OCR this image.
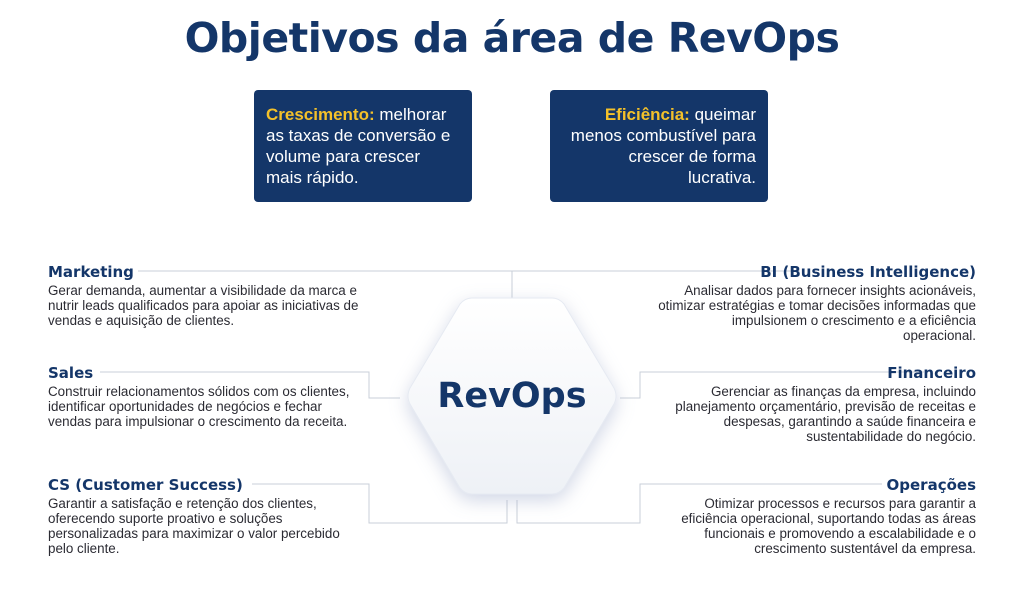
Objetivos da área de RevOps
Crescimento: melhorar as taxas de conversão e volume para crescer mais rápido.
Eficiência: queimar menos combustível para crescer de forma lucrativa.
RevOps
Marketing

Gerar demanda, aumentar a visibilidade da marca e nutrir leads qualificados para apoiar as iniciativas de vendas e aquisição de clientes.

Sales

Construir relacionamentos sólidos com os clientes, identificar oportunidades de negócios e fechar vendas para impulsionar o crescimento da receita.

CS (Customer Success)

Garantir a satisfação e retenção dos clientes, oferecendo suporte proativo e soluções personalizadas para maximizar o valor percebido pelo cliente.

BI (Business Intelligence)

Analisar dados para fornecer insights acionáveis, otimizar estratégias e tomar decisões informadas que impulsionem o crescimento e a eficiência operacional.

Financeiro

Gerenciar as finanças da empresa, incluindo planejamento orçamentário, previsão de receitas e despesas, garantindo a saúde financeira e sustentabilidade do negócio.

Operações

Otimizar processos e recursos para garantir a eficiência operacional, suportando todas as áreas funcionais e promovendo a escalabilidade e o crescimento sustentável da empresa.
